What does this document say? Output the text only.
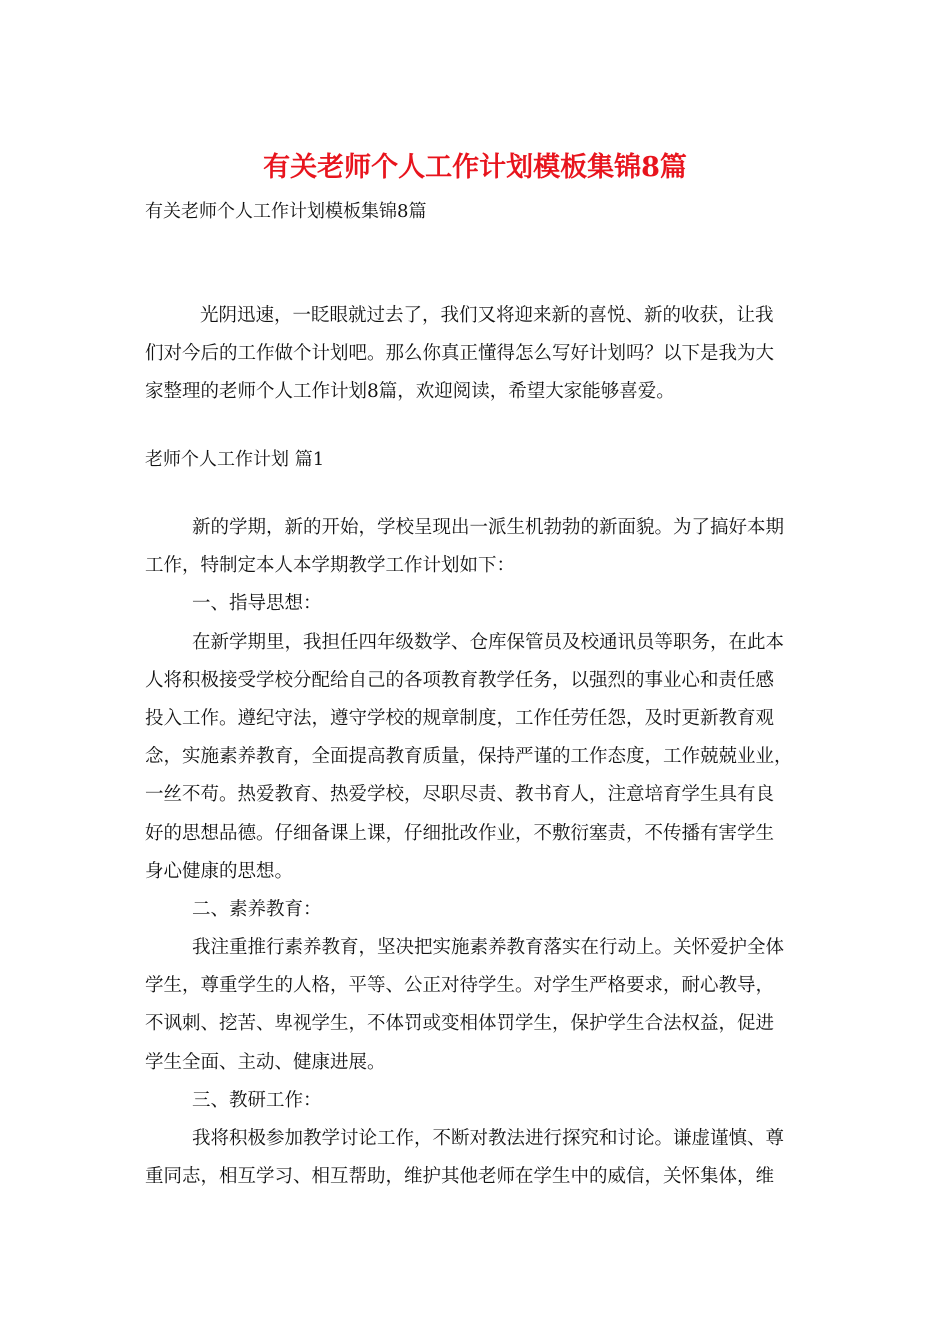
有关老师个人工作计划模板集锦8篇
有关老师个人工作计划模板集锦8篇
光阴迅速，一眨眼就过去了，我们又将迎来新的喜悦、新的收获，让我
们对今后的工作做个计划吧。那么你真正懂得怎么写好计划吗？以下是我为大
家整理的老师个人工作计划8篇，欢迎阅读，希望大家能够喜爱。
老师个人工作计划 篇1
新的学期，新的开始，学校呈现出一派生机勃勃的新面貌。为了搞好本期
工作，特制定本人本学期教学工作计划如下：
一、指导思想：
在新学期里，我担任四年级数学、仓库保管员及校通讯员等职务，在此本
人将积极接受学校分配给自己的各项教育教学任务，以强烈的事业心和责任感
投入工作。遵纪守法，遵守学校的规章制度，工作任劳任怨，及时更新教育观
念，实施素养教育，全面提高教育质量，保持严谨的工作态度，工作兢兢业业，
一丝不苟。热爱教育、热爱学校，尽职尽责、教书育人，注意培育学生具有良
好的思想品德。仔细备课上课，仔细批改作业，不敷衍塞责，不传播有害学生
身心健康的思想。
二、素养教育：
我注重推行素养教育，坚决把实施素养教育落实在行动上。关怀爱护全体
学生，尊重学生的人格，平等、公正对待学生。对学生严格要求，耐心教导，
不讽刺、挖苦、卑视学生，不体罚或变相体罚学生，保护学生合法权益，促进
学生全面、主动、健康进展。
三、教研工作：
我将积极参加教学讨论工作，不断对教法进行探究和讨论。谦虚谨慎、尊
重同志，相互学习、相互帮助，维护其他老师在学生中的威信，关怀集体，维
